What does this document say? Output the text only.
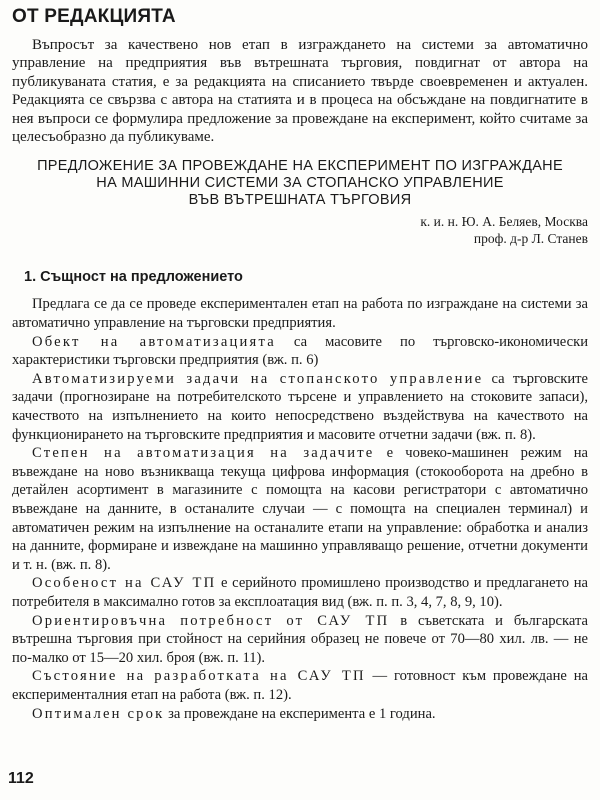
ОТ РЕДАКЦИЯТА

Въпросът за качественo нов етап в изграждането на системи за автоматично управление на предприятия във вътрешната търговия, повдигнат от автора на публикуваната статия, е за редакцията на списанието твърде своевременен и актуален. Редакцията се свързва с автора на статията и в процеса на обсъждане на повдигнатите в нея въпроси се формулира предложение за провеждане на експеримент, който считаме за целесъобразно да публикуваме.

ПРЕДЛОЖЕНИЕ ЗА ПРОВЕЖДАНЕ НА ЕКСПЕРИМЕНТ ПО ИЗГРАЖДАНЕ
НА МАШИННИ СИСТЕМИ ЗА СТОПАНСКО УПРАВЛЕНИЕ
ВЪВ ВЪТРЕШНАТА ТЪРГОВИЯ
к. и. н. Ю. А. Беляев, Москва
проф. д-р Л. Станев
1. Същност на предложението

Предлага се да се проведе експериментален етап на работа по изграждане на системи за автоматично управление на търговски предприятия.

Обект на автоматизацията са масовите по търговско-икономически характеристики търговски предприятия (вж. п. 6)

Автоматизируеми задачи на стопанското управление са търговските задачи (прогнозиране на потребителското търсене и управлението на стоковите запаси), качеството на изпълнението на които непосредствено въздействува на качеството на функционирането на търговските предприятия и масовите отчетни задачи (вж. п. 8).

Степен на автоматизация на задачите е човеко-машинен режим на въвеждане на ново възникваща текуща цифрова информация (стокооборота на дребно в детайлен асортимент в магазините с помощта на касови регистратори с автоматично въвеждане на данните, в останалите случаи — с помощта на специален терминал) и автоматичен режим на изпълнение на останалите етапи на управление: обработка и анализ на данните, формиране и извеждане на машинно управляващо решение, отчетни документи и т. н. (вж. п. 8).

Особеност на САУ ТП е серийното промишлено производство и предлагането на потребителя в максимално готов за експлоатация вид (вж. п. п. 3, 4, 7, 8, 9, 10).

Ориентировъчна потребност от САУ ТП в съветската и българската вътрешна търговия при стойност на серийния образец не повече от 70—80 хил. лв. — не по-малко от 15—20 хил. броя (вж. п. 11).

Състояние на разработката на САУ ТП — готовност към провеждане на експерименталния етап на работа (вж. п. 12).

Оптимален срок за провеждане на експеримента е 1 година.

112
